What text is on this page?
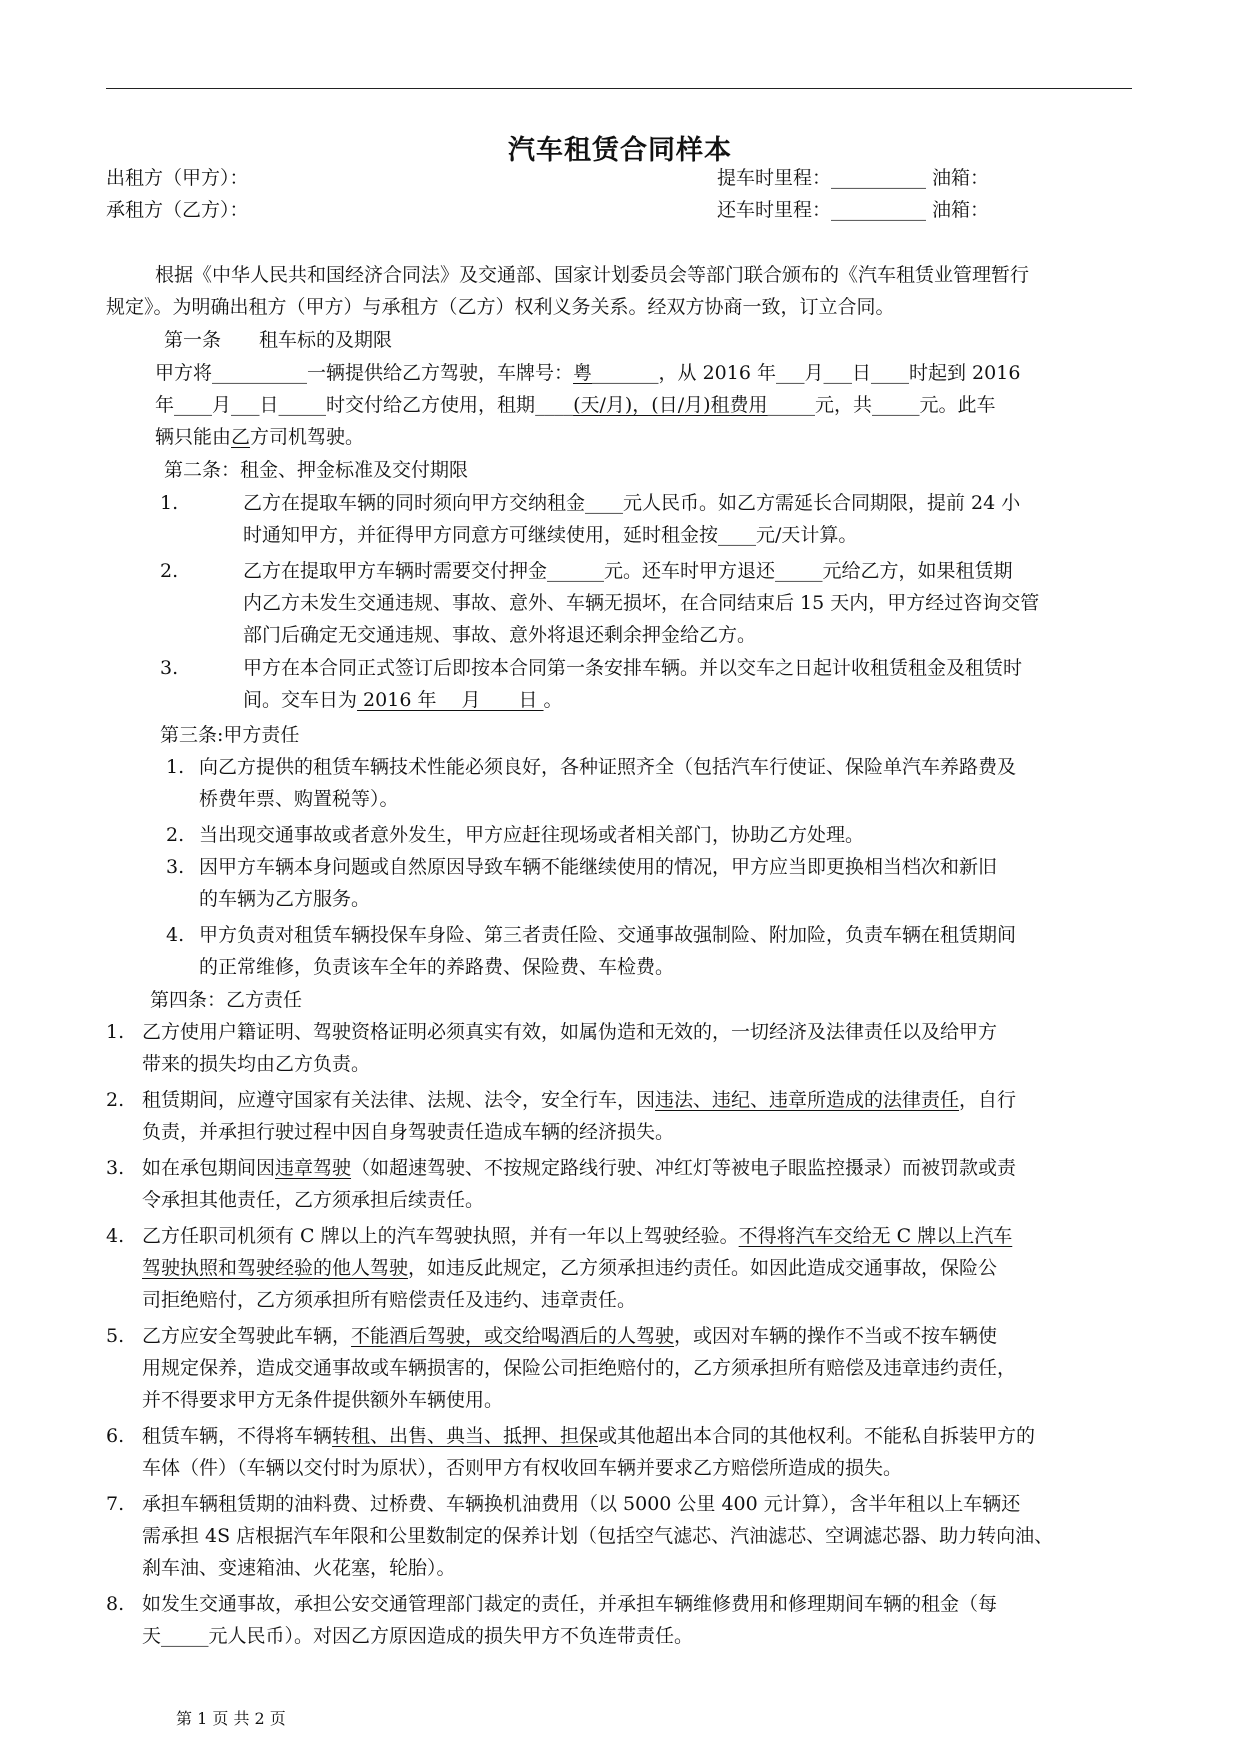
汽车租赁合同样本
出租方（甲方）：	提车时里程：__________ 油箱：
承租方（乙方）：	还车时里程：__________ 油箱：
根据《中华人民共和国经济合同法》及交通部、国家计划委员会等部门联合颁布的《汽车租赁业管理暂行
规定》。为明确出租方（甲方）与承租方（乙方）权利义务关系。经双方协商一致，订立合同。
第一条　　租车标的及期限
甲方将__________一辆提供给乙方驾驶，车牌号：粤_______，从 2016 年___月___日____时起到 2016
年____月___日_____时交付给乙方使用，租期____(天/月)，(日/月)租费用_____元，共_____元。此车
辆只能由乙方司机驾驶。
第二条：租金、押金标准及交付期限
1.	乙方在提取车辆的同时须向甲方交纳租金____元人民币。如乙方需延长合同期限，提前 24 小
时通知甲方，并征得甲方同意方可继续使用，延时租金按____元/天计算。
2.	乙方在提取甲方车辆时需要交付押金______元。还车时甲方退还_____元给乙方，如果租赁期
内乙方未发生交通违规、事故、意外、车辆无损坏，在合同结束后 15 天内，甲方经过咨询交管
部门后确定无交通违规、事故、意外将退还剩余押金给乙方。
3.	甲方在本合同正式签订后即按本合同第一条安排车辆。并以交车之日起计收租赁租金及租赁时
间。交车日为 2016 年　 月　　日 。
第三条:甲方责任
1. 向乙方提供的租赁车辆技术性能必须良好，各种证照齐全（包括汽车行使证、保险单汽车养路费及
桥费年票、购置税等）。
2. 当出现交通事故或者意外发生，甲方应赶往现场或者相关部门，协助乙方处理。
3. 因甲方车辆本身问题或自然原因导致车辆不能继续使用的情况，甲方应当即更换相当档次和新旧
的车辆为乙方服务。
4. 甲方负责对租赁车辆投保车身险、第三者责任险、交通事故强制险、附加险，负责车辆在租赁期间
的正常维修，负责该车全年的养路费、保险费、车检费。
第四条：乙方责任
1. 乙方使用户籍证明、驾驶资格证明必须真实有效，如属伪造和无效的，一切经济及法律责任以及给甲方
带来的损失均由乙方负责。
2. 租赁期间，应遵守国家有关法律、法规、法令，安全行车，因违法、违纪、违章所造成的法律责任，自行
负责，并承担行驶过程中因自身驾驶责任造成车辆的经济损失。
3. 如在承包期间因违章驾驶（如超速驾驶、不按规定路线行驶、冲红灯等被电子眼监控摄录）而被罚款或责
令承担其他责任，乙方须承担后续责任。
4. 乙方任职司机须有 C 牌以上的汽车驾驶执照，并有一年以上驾驶经验。不得将汽车交给无 C 牌以上汽车
驾驶执照和驾驶经验的他人驾驶，如违反此规定，乙方须承担违约责任。如因此造成交通事故，保险公
司拒绝赔付，乙方须承担所有赔偿责任及违约、违章责任。
5. 乙方应安全驾驶此车辆，不能酒后驾驶，或交给喝酒后的人驾驶，或因对车辆的操作不当或不按车辆使
用规定保养，造成交通事故或车辆损害的，保险公司拒绝赔付的，乙方须承担所有赔偿及违章违约责任，
并不得要求甲方无条件提供额外车辆使用。
6. 租赁车辆，不得将车辆转租、出售、典当、抵押、担保或其他超出本合同的其他权利。不能私自拆装甲方的
车体（件）（车辆以交付时为原状），否则甲方有权收回车辆并要求乙方赔偿所造成的损失。
7. 承担车辆租赁期的油料费、过桥费、车辆换机油费用（以 5000 公里 400 元计算），含半年租以上车辆还
需承担 4S 店根据汽车年限和公里数制定的保养计划（包括空气滤芯、汽油滤芯、空调滤芯器、助力转向油、
刹车油、变速箱油、火花塞，轮胎）。
8. 如发生交通事故，承担公安交通管理部门裁定的责任，并承担车辆维修费用和修理期间车辆的租金（每
天_____元人民币）。对因乙方原因造成的损失甲方不负连带责任。
第 1 页 共 2 页
